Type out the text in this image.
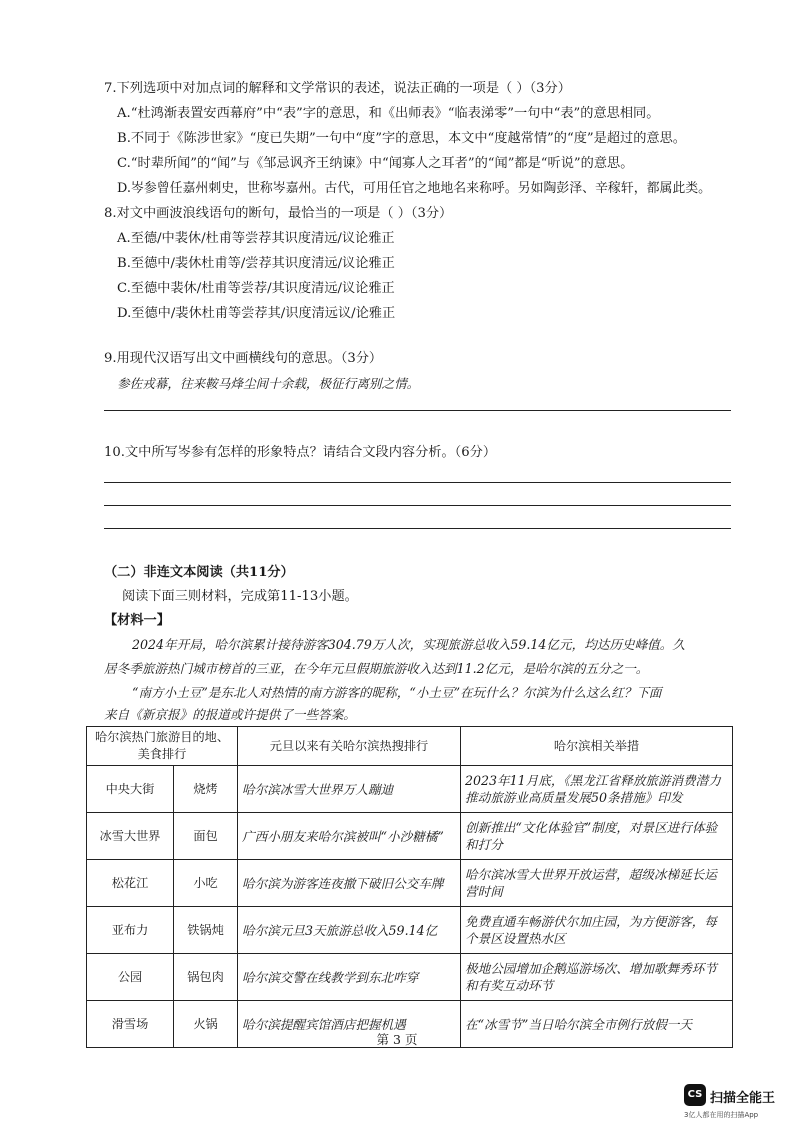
7.下列选项中对加点词的解释和文学常识的表述，说法正确的一项是（ ）（3分）
A.“杜鸿渐表置安西幕府”中“表”字的意思，和《出师表》“临表涕零”一句中“表”的意思相同。
B.不同于《陈涉世家》“度已失期”一句中“度”字的意思，本文中“度越常情”的“度”是超过的意思。
C.“时辈所闻”的“闻”与《邹忌讽齐王纳谏》中“闻寡人之耳者”的“闻”都是“听说”的意思。
D.岑参曾任嘉州刺史，世称岑嘉州。古代，可用任官之地地名来称呼。另如陶彭泽、辛稼轩，都属此类。
8.对文中画波浪线语句的断句，最恰当的一项是（ ）（3分）
A.至德/中裴休/杜甫等尝荐其识度清远/议论雅正
B.至德中/裴休杜甫等/尝荐其识度清远/议论雅正
C.至德中裴休/杜甫等尝荐/其识度清远/议论雅正
D.至德中/裴休杜甫等尝荐其/识度清远议/论雅正
9.用现代汉语写出文中画横线句的意思。（3分）
参佐戎幕，往来鞍马烽尘间十余载，极征行离别之情。
10.文中所写岑参有怎样的形象特点？请结合文段内容分析。（6分）
（二）非连文本阅读（共11分）
阅读下面三则材料，完成第11-13小题。
【材料一】
2024年开局，哈尔滨累计接待游客304.79万人次，实现旅游总收入59.14亿元，均达历史峰值。久
居冬季旅游热门城市榜首的三亚，在今年元旦假期旅游收入达到11.2亿元，是哈尔滨的五分之一。
“南方小土豆”是东北人对热情的南方游客的昵称，“小土豆”在玩什么？尔滨为什么这么红？下面
来自《新京报》的报道或许提供了一些答案。
哈尔滨热门旅游目的地、美食排行		元旦以来有关哈尔滨热搜排行	哈尔滨相关举措
中央大街	烧烤	哈尔滨冰雪大世界万人蹦迪	2023年11月底，《黑龙江省释放旅游消费潜力推动旅游业高质量发展50条措施》印发
冰雪大世界	面包	广西小朋友来哈尔滨被叫“小沙糖橘”	创新推出“文化体验官”制度，对景区进行体验和打分
松花江	小吃	哈尔滨为游客连夜撤下破旧公交车牌	哈尔滨冰雪大世界开放运营，超级冰梯延长运营时间
亚布力	铁锅炖	哈尔滨元旦3天旅游总收入59.14亿	免费直通车畅游伏尔加庄园，为方便游客，每个景区设置热水区
公园	锅包肉	哈尔滨交警在线教学到东北咋穿	极地公园增加企鹅巡游场次、增加歌舞秀环节和有奖互动环节
滑雪场	火锅	哈尔滨提醒宾馆酒店把握机遇	在“冰雪节”当日哈尔滨全市例行放假一天
第 3 页
CS 扫描全能王
3亿人都在用的扫描App
